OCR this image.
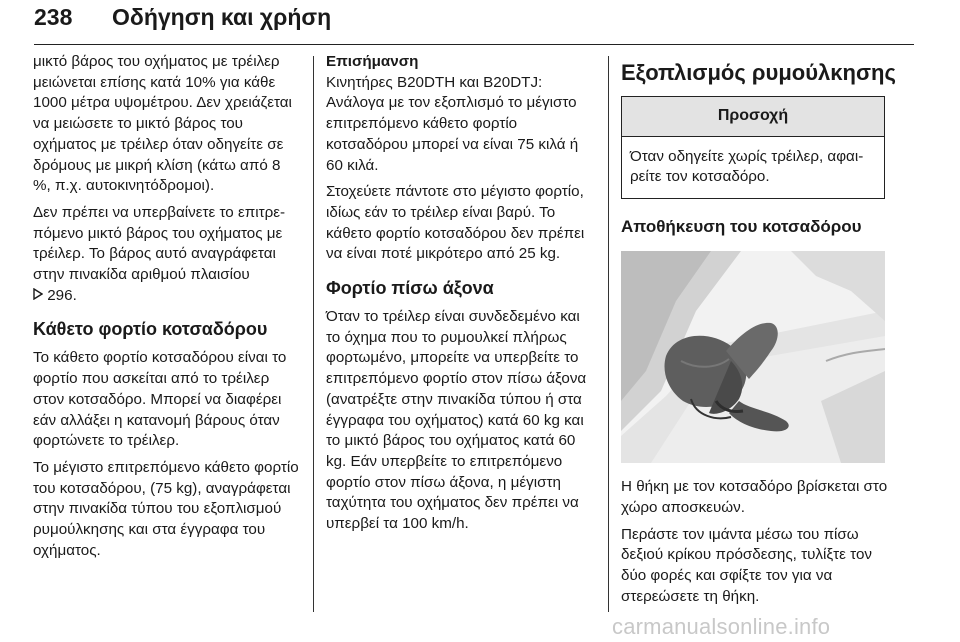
238 Οδήγηση και χρήση

μικτό βάρος του οχήματος με τρέιλερ μειώνεται επίσης κατά 10% για κάθε 1000 μέτρα υψομέτρου. Δεν χρειάζεται να μειώσετε το μικτό βάρος του οχήματος με τρέιλερ όταν οδηγείτε σε δρόμους με μικρή κλίση (κάτω από 8 %, π.χ. αυτοκινητόδρομοι).

Δεν πρέπει να υπερβαίνετε το επιτρεπόμενο μικτό βάρος του οχήματος με τρέιλερ. Το βάρος αυτό αναγράφεται στην πινακίδα αριθμού πλαισίου
296.

Κάθετο φορτίο κοτσαδόρου

Το κάθετο φορτίο κοτσαδόρου είναι το φορτίο που ασκείται από το τρέιλερ στον κοτσαδόρο. Μπορεί να διαφέρει εάν αλλάξει η κατανομή βάρους όταν φορτώνετε το τρέιλερ.

Το μέγιστο επιτρεπόμενο κάθετο φορτίο του κοτσαδόρου, (75 kg), αναγράφεται στην πινακίδα τύπου του εξοπλισμού ρυμούλκησης και στα έγγραφα του οχήματος.

Επισήμανση
Κινητήρες B20DTH και B20DTJ: Ανάλογα με τον εξοπλισμό το μέγιστο επιτρεπόμενο κάθετο φορτίο κοτσαδόρου μπορεί να είναι 75 κιλά ή 60 κιλά.

Στοχεύετε πάντοτε στο μέγιστο φορτίο, ιδίως εάν το τρέιλερ είναι βαρύ. Το κάθετο φορτίο κοτσαδόρου δεν πρέπει να είναι ποτέ μικρότερο από 25 kg.

Φορτίο πίσω άξονα

Όταν το τρέιλερ είναι συνδεδεμένο και το όχημα που το ρυμουλκεί πλήρως φορτωμένο, μπορείτε να υπερβείτε το επιτρεπόμενο φορτίο στον πίσω άξονα (ανατρέξτε στην πινακίδα τύπου ή στα έγγραφα του οχήματος) κατά 60 kg και το μικτό βάρος του οχήματος κατά 60 kg. Εάν υπερβείτε το επιτρεπόμενο φορτίο στον πίσω άξονα, η μέγιστη ταχύτητα του οχήματος δεν πρέπει να υπερβεί τα 100 km/h.

Εξοπλισμός ρυμούλκησης
Προσοχή
Όταν οδηγείτε χωρίς τρέιλερ, αφαιρείτε τον κοτσαδόρο.
Αποθήκευση του κοτσαδόρου

Η θήκη με τον κοτσαδόρο βρίσκεται στο χώρο αποσκευών.

Περάστε τον ιμάντα μέσω του πίσω δεξιού κρίκου πρόσδεσης, τυλίξτε τον δύο φορές και σφίξτε τον για να στερεώσετε τη θήκη.

carmanualsonline.info
